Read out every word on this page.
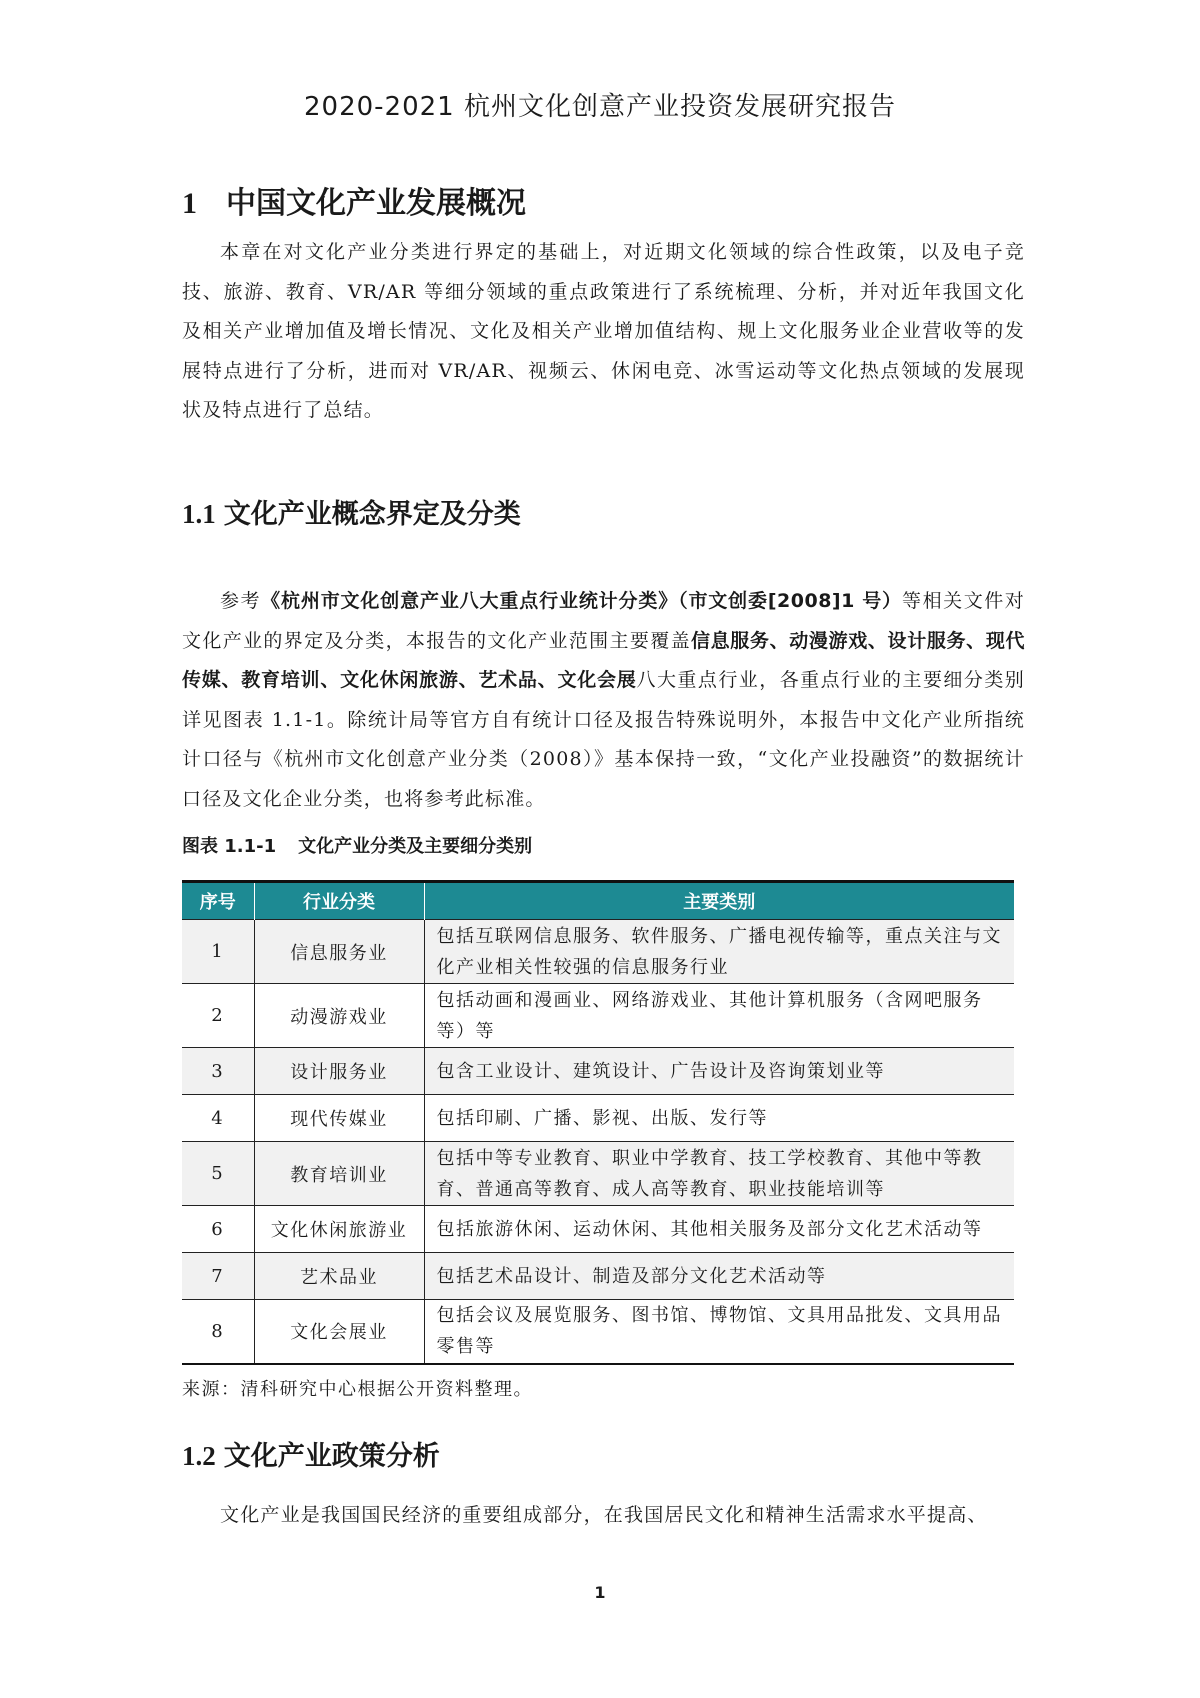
2020-2021 杭州文化创意产业投资发展研究报告
1 中国文化产业发展概况

本章在对文化产业分类进行界定的基础上，对近期文化领域的综合性政策，以及电子竞技、旅游、教育、VR/AR 等细分领域的重点政策进行了系统梳理、分析，并对近年我国文化及相关产业增加值及增长情况、文化及相关产业增加值结构、规上文化服务业企业营收等的发展特点进行了分析，进而对 VR/AR、视频云、休闲电竞、冰雪运动等文化热点领域的发展现状及特点进行了总结。

1.1 文化产业概念界定及分类

参考《杭州市文化创意产业八大重点行业统计分类》（市文创委[2008]1 号）等相关文件对文化产业的界定及分类，本报告的文化产业范围主要覆盖信息服务、动漫游戏、设计服务、现代传媒、教育培训、文化休闲旅游、艺术品、文化会展八大重点行业，各重点行业的主要细分类别详见图表 1.1-1。除统计局等官方自有统计口径及报告特殊说明外，本报告中文化产业所指统计口径与《杭州市文化创意产业分类（2008）》基本保持一致，“文化产业投融资”的数据统计口径及文化企业分类，也将参考此标准。

图表 1.1-1 文化产业分类及主要细分类别
序号	行业分类	主要类别
1	信息服务业	包括互联网信息服务、软件服务、广播电视传输等，重点关注与文化产业相关性较强的信息服务行业
2	动漫游戏业	包括动画和漫画业、网络游戏业、其他计算机服务（含网吧服务等）等
3	设计服务业	包含工业设计、建筑设计、广告设计及咨询策划业等
4	现代传媒业	包括印刷、广播、影视、出版、发行等
5	教育培训业	包括中等专业教育、职业中学教育、技工学校教育、其他中等教育、普通高等教育、成人高等教育、职业技能培训等
6	文化休闲旅游业	包括旅游休闲、运动休闲、其他相关服务及部分文化艺术活动等
7	艺术品业	包括艺术品设计、制造及部分文化艺术活动等
8	文化会展业	包括会议及展览服务、图书馆、博物馆、文具用品批发、文具用品零售等
来源：清科研究中心根据公开资料整理。
1.2 文化产业政策分析

文化产业是我国国民经济的重要组成部分，在我国居民文化和精神生活需求水平提高、

1
